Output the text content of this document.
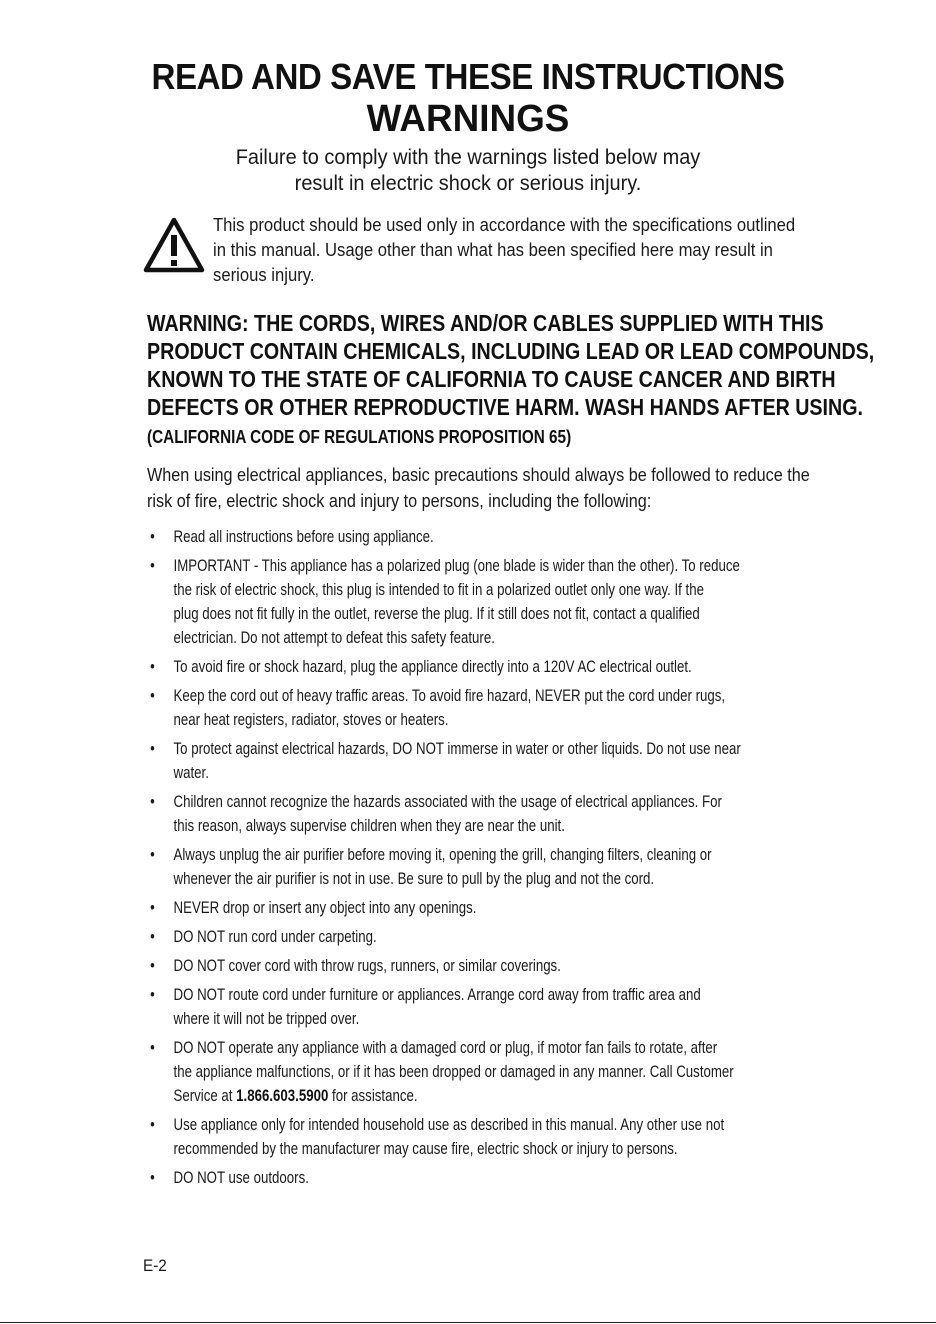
READ AND SAVE THESE INSTRUCTIONS
WARNINGS
Failure to comply with the warnings listed below may
result in electric shock or serious injury.
This product should be used only in accordance with the specifications outlined
in this manual. Usage other than what has been specified here may result in
serious injury.
WARNING: THE CORDS, WIRES AND/OR CABLES SUPPLIED WITH THIS
PRODUCT CONTAIN CHEMICALS, INCLUDING LEAD OR LEAD COMPOUNDS,
KNOWN TO THE STATE OF CALIFORNIA TO CAUSE CANCER AND BIRTH
DEFECTS OR OTHER REPRODUCTIVE HARM. WASH HANDS AFTER USING.
(CALIFORNIA CODE OF REGULATIONS PROPOSITION 65)
When using electrical appliances, basic precautions should always be followed to reduce the
risk of fire, electric shock and injury to persons, including the following:
• Read all instructions before using appliance.
• IMPORTANT - This appliance has a polarized plug (one blade is wider than the other). To reduce
the risk of electric shock, this plug is intended to fit in a polarized outlet only one way. If the
plug does not fit fully in the outlet, reverse the plug. If it still does not fit, contact a qualified
electrician. Do not attempt to defeat this safety feature.
• To avoid fire or shock hazard, plug the appliance directly into a 120V AC electrical outlet.
• Keep the cord out of heavy traffic areas. To avoid fire hazard, NEVER put the cord under rugs,
near heat registers, radiator, stoves or heaters.
• To protect against electrical hazards, DO NOT immerse in water or other liquids. Do not use near
water.
• Children cannot recognize the hazards associated with the usage of electrical appliances. For
this reason, always supervise children when they are near the unit.
• Always unplug the air purifier before moving it, opening the grill, changing filters, cleaning or
whenever the air purifier is not in use. Be sure to pull by the plug and not the cord.
• NEVER drop or insert any object into any openings.
• DO NOT run cord under carpeting.
• DO NOT cover cord with throw rugs, runners, or similar coverings.
• DO NOT route cord under furniture or appliances. Arrange cord away from traffic area and
where it will not be tripped over.
• DO NOT operate any appliance with a damaged cord or plug, if motor fan fails to rotate, after
the appliance malfunctions, or if it has been dropped or damaged in any manner. Call Customer
Service at 1.866.603.5900 for assistance.
• Use appliance only for intended household use as described in this manual. Any other use not
recommended by the manufacturer may cause fire, electric shock or injury to persons.
• DO NOT use outdoors.
E-2
